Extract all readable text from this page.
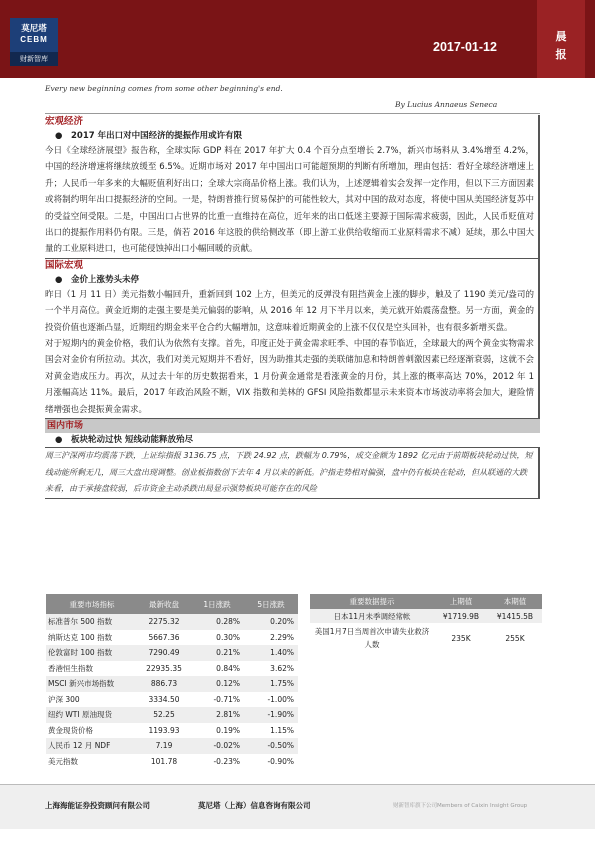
莫尼塔
CEBM
财新智库
2017-01-12
晨
报
Every new beginning comes from some other beginning's end.
By Lucius Annaeus Seneca
宏观经济
● 2017 年出口对中国经济的提振作用或许有限
今日《全球经济展望》报告称，全球实际 GDP 料在 2017 年扩大 0.4 个百分点至增长 2.7%，新兴市场料从 3.4%增至 4.2%，中国的经济增速将继续放缓至 6.5%。近期市场对 2017 年中国出口可能超预期的判断有所增加，理由包括：看好全球经济增速上升；人民币一年多来的大幅贬值利好出口；全球大宗商品价格上涨。我们认为，上述逻辑着实会发挥一定作用，但以下三方面因素或将制约明年出口提振经济的空间。一是，特朗普推行贸易保护的可能性较大，其对中国的敌对态度，将使中国从美国经济复苏中的受益空间受限。二是，中国出口占世界的比重一直维持在高位，近年来的出口低迷主要源于国际需求疲弱，因此，人民币贬值对出口的提振作用料仍有限。三是，倘若 2016 年这股的供给侧改革（即上游工业供给收缩而工业原料需求不减）延续，那么中国大量的工业原料进口，也可能侵蚀掉出口小幅回暖的贡献。
国际宏观
● 金价上涨势头未停
昨日（1 月 11 日）美元指数小幅回升，重新回到 102 上方，但美元的反弹没有阻挡黄金上涨的脚步，触及了 1190 美元/盎司的一个半月高位。黄金近期的走强主要是美元偏弱的影响，从 2016 年 12 月下半月以来，美元就开始震荡盘整。另一方面，黄金的投资价值也逐渐凸显，近期纽约期金来平仓合约大幅增加，这意味着近期黄金的上涨不仅仅是空头回补，也有很多新增买盘。
对于短期内的黄金价格，我们认为依然有支撑。首先，印度正处于黄金需求旺季、中国的春节临近，全球最大的两个黄金实物需求国会对金价有所拉动。其次，我们对美元短期并不看好，因为助推其走强的美联储加息和特朗普刺激因素已经逐渐衰弱，这就不会对黄金造成压力。再次，从过去十年的历史数据看来，1 月份黄金通常是看涨黄金的月份，其上涨的概率高达 70%，2012 年 1 月涨幅高达 11%。最后，2017 年政治风险不断，VIX 指数和美林的 GFSI 风险指数都显示未来资本市场波动率将会加大，避险情绪增强也会提振黄金需求。
国内市场
● 板块轮动过快 短线动能释放殆尽
周三沪深两市均震荡下跌，上证综指报 3136.75 点，下跌 24.92 点，跌幅为 0.79%，成交金额为 1892 亿元由于前期板块轮动过快，短线动能所剩无几，周三大盘出现调整。创业板指数创下去年 4 月以来的新低。沪指走势相对偏强，盘中仍有板块在轮动，但从联通的大跌来看，由于承接盘较弱，后市资金主动杀跌出局显示强势板块可能存在的风险
重要市场指标	最新收盘	1日涨跌	5日涨跌
标准普尔 500 指数	2275.32	0.28%	0.20%
纳斯达克 100 指数	5667.36	0.30%	2.29%
伦敦富时 100 指数	7290.49	0.21%	1.40%
香港恒生指数	22935.35	0.84%	3.62%
MSCI 新兴市场指数	886.73	0.12%	1.75%
沪深 300	3334.50	-0.71%	-1.00%
纽约 WTI 原油现货	52.25	2.81%	-1.90%
黄金现货价格	1193.93	0.19%	1.15%
人民币 12 月 NDF	7.19	-0.02%	-0.50%
美元指数	101.78	-0.23%	-0.90%
重要数据提示	上期值	本期值
日本11月未季调经常帐	¥1719.9B	¥1415.5B
美国1月7日当周首次申请失业救济人数	235K	255K
上海海能证券投资顾问有限公司	莫尼塔（上海）信息咨询有限公司	财新智库旗下公司Members of Caixin Insight Group
